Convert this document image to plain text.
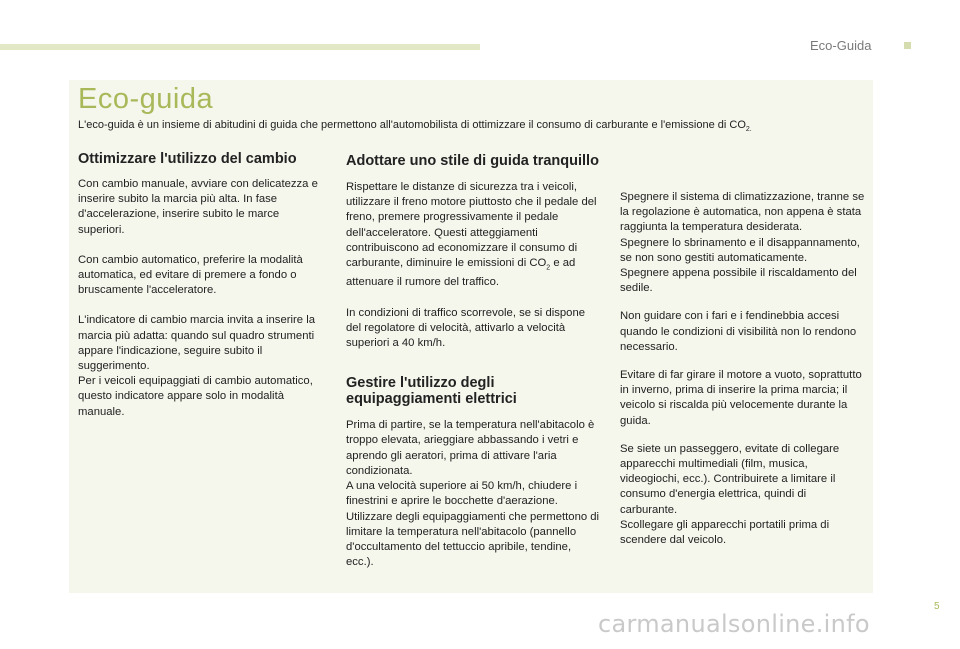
Eco-Guida
Eco-guida
L'eco-guida è un insieme di abitudini di guida che permettono all'automobilista di ottimizzare il consumo di carburante e l'emissione di $CO_{2.}$
Ottimizzare l'utilizzo del cambio

Con cambio manuale, avviare con delicatezza e inserire subito la marcia più alta. In fase d'accelerazione, inserire subito le marce superiori.

Con cambio automatico, preferire la modalità automatica, ed evitare di premere a fondo o bruscamente l'acceleratore.

L'indicatore di cambio marcia invita a inserire la marcia più adatta: quando sul quadro strumenti appare l'indicazione, seguire subito il suggerimento.
Per i veicoli equipaggiati di cambio automatico, questo indicatore appare solo in modalità manuale.

Adottare uno stile di guida tranquillo

Rispettare le distanze di sicurezza tra i veicoli, utilizzare il freno motore piuttosto che il pedale del freno, premere progressivamente il pedale dell'acceleratore. Questi atteggiamenti contribuiscono ad economizzare il consumo di carburante, diminuire le emissioni di $CO_2$ e ad attenuare il rumore del traffico.

In condizioni di traffico scorrevole, se si dispone del regolatore di velocità, attivarlo a velocità superiori a 40 km/h.

Gestire l'utilizzo degli equipaggiamenti elettrici

Prima di partire, se la temperatura nell'abitacolo è troppo elevata, arieggiare abbassando i vetri e aprendo gli aeratori, prima di attivare l'aria condizionata.
A una velocità superiore ai 50 km/h, chiudere i finestrini e aprire le bocchette d'aerazione.
Utilizzare degli equipaggiamenti che permettono di limitare la temperatura nell'abitacolo (pannello d'occultamento del tettuccio apribile, tendine, ecc.).

Spegnere il sistema di climatizzazione, tranne se la regolazione è automatica, non appena è stata raggiunta la temperatura desiderata.
Spegnere lo sbrinamento e il disappannamento, se non sono gestiti automaticamente.
Spegnere appena possibile il riscaldamento del sedile.

Non guidare con i fari e i fendinebbia accesi quando le condizioni di visibilità non lo rendono necessario.

Evitare di far girare il motore a vuoto, soprattutto in inverno, prima di inserire la prima marcia; il veicolo si riscalda più velocemente durante la guida.

Se siete un passeggero, evitate di collegare apparecchi multimediali (film, musica, videogiochi, ecc.). Contribuirete a limitare il consumo d'energia elettrica, quindi di carburante.
Scollegare gli apparecchi portatili prima di scendere dal veicolo.

5
carmanualsonline.info
